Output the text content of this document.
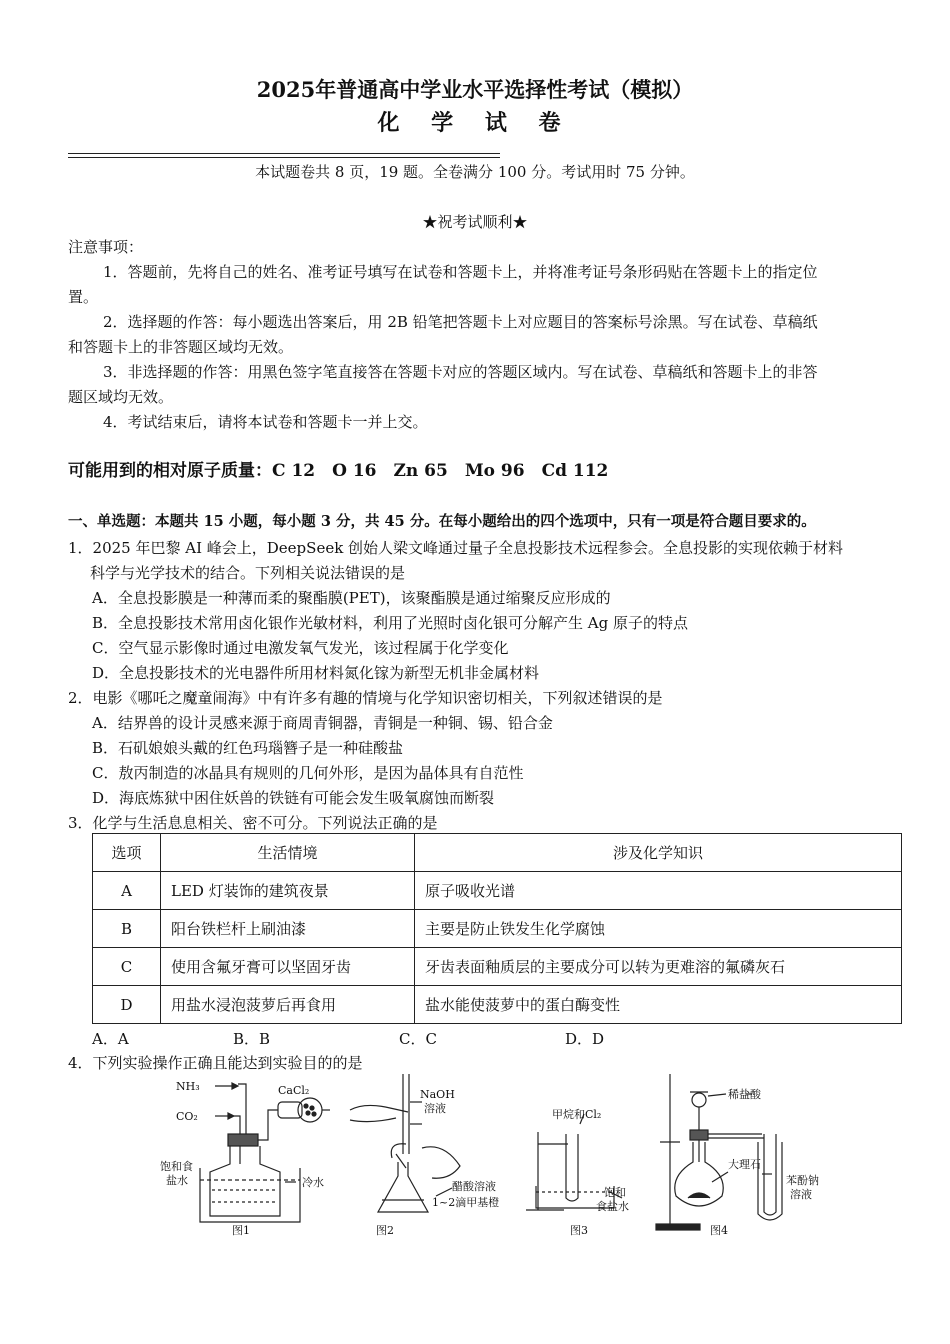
2025年普通高中学业水平选择性考试（模拟）
化 学 试 卷
本试题卷共 8 页，19 题。全卷满分 100 分。考试用时 75 分钟。
★祝考试顺利★
注意事项：
1．答题前，先将自己的姓名、准考证号填写在试卷和答题卡上，并将准考证号条形码贴在答题卡上的指定位
置。
2．选择题的作答：每小题选出答案后，用 2B 铅笔把答题卡上对应题目的答案标号涂黑。写在试卷、草稿纸
和答题卡上的非答题区域均无效。
3．非选择题的作答：用黑色签字笔直接答在答题卡对应的答题区域内。写在试卷、草稿纸和答题卡上的非答
题区域均无效。
4．考试结束后，请将本试卷和答题卡一并上交。
可能用到的相对原子质量：C 12　O 16　Zn 65　Mo 96　Cd 112
一、单选题：本题共 15 小题，每小题 3 分，共 45 分。在每小题给出的四个选项中，只有一项是符合题目要求的。
1．2025 年巴黎 AI 峰会上，DeepSeek 创始人梁文峰通过量子全息投影技术远程参会。全息投影的实现依赖于材料
科学与光学技术的结合。下列相关说法错误的是
A．全息投影膜是一种薄而柔的聚酯膜(PET)，该聚酯膜是通过缩聚反应形成的
B．全息投影技术常用卤化银作光敏材料，利用了光照时卤化银可分解产生 Ag 原子的特点
C．空气显示影像时通过电激发氧气发光，该过程属于化学变化
D．全息投影技术的光电器件所用材料氮化镓为新型无机非金属材料
2．电影《哪吒之魔童闹海》中有许多有趣的情境与化学知识密切相关，下列叙述错误的是
A．结界兽的设计灵感来源于商周青铜器，青铜是一种铜、锡、铅合金
B．石矶娘娘头戴的红色玛瑙簪子是一种硅酸盐
C．敖丙制造的冰晶具有规则的几何外形，是因为晶体具有自范性
D．海底炼狱中困住妖兽的铁链有可能会发生吸氧腐蚀而断裂
3．化学与生活息息相关、密不可分。下列说法正确的是
选项	生活情境	涉及化学知识
A	LED 灯装饰的建筑夜景	原子吸收光谱
B	阳台铁栏杆上刷油漆	主要是防止铁发生化学腐蚀
C	使用含氟牙膏可以坚固牙齿	牙齿表面釉质层的主要成分可以转为更难溶的氟磷灰石
D	用盐水浸泡菠萝后再食用	盐水能使菠萝中的蛋白酶变性
A．A	B．B	C．C	D．D
4．下列实验操作正确且能达到实验目的的是
NH₃
CO₂
CaCl₂
饱和食
盐水	冷水
图1
NaOH
溶液
醋酸溶液
1~2滴甲基橙
图2
甲烷和Cl₂
饱和
食盐水
图3
稀盐酸
大理石
苯酚钠
溶液
图4
